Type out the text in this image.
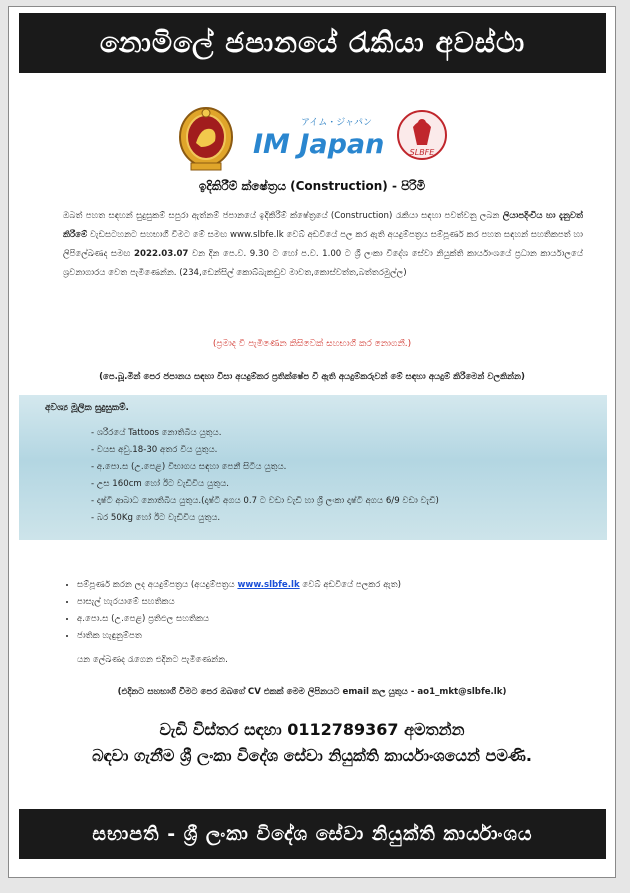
නොමිලේ ජපානයේ රැකියා අවස්ථා
アイム・ジャパン
IM Japan	SLBFE
ඉදිකිරීම් ක්ෂේත්‍රය (Construction) - පිරිමි
ඔබත් පහත සඳහන් සුදුසුකම් සපුරා ඇත්නම් ජපානයේ ඉදිකිරීම් ක්ෂේත්‍රයේ (Construction) රැකියා සඳහා පවත්වනු ලබන ලියාපදිංචිය හා දැනුවත් කිරීමේ වැඩසටහනට සහභාගී වීමට මේ සමඟ www.slbfe.lk වෙබ් අඩවියේ පල කර ඇති අයදුම්පත්‍රය සම්පූර්ණ කර පහත සඳහන් සහතිකපත් හා ලිපිලේඛණද සමඟ 2022.03.07 වන දින පෙ.ව. 9.30 ට හෝ ප.ව. 1.00 ට ශ්‍රී ලංකා විදේශ සේවා නියුක්ති කාර්යාංශයේ ප්‍රධාන කාර්යාලයේ ශ්‍රවනාගාරය වෙත පැමිණෙන්න. (234,ඩෙන්සිල් කොබ්බැකඩුව මාවත,කොස්වත්ත,බත්තරමුල්ල)
(ප්‍රමාද වී පැමිණෙන කිසිවෙක් සහභාගී කර නොගනී.)
(පෙ.බූ.මින් පෙර ජපානය සඳහා වීසා අයදුම්කර ප්‍රතික්ෂේප වී ඇති අයදුම්කරුවන් මේ සඳහා අයදුම් කිරීමෙන් වලකින්න)
අවශ්‍ය මූලික සුදුසුකම්.
- ශරීරයේ Tattoos නොතිබිය යුතුය.
- වයස අවු.18-30 අතර විය යුතුය.
- අ.පො.ස (උ.පෙළ) විභාගය සඳහා පෙනී සිටිය යුතුය.
- උස 160cm හෝ ඊට වැඩිවිය යුතුය.
- දෘෂ්ටි ආබාධ නොතිබිය යුතුය.(දෘෂ්ටි අගය 0.7 ට වඩා වැඩි හා ශ්‍රී ලංකා දෘෂ්ටි අගය 6/9 වඩා වැඩි)
- බර 50Kg හෝ ඊට වැඩිවිය යුතුය.
• සම්පූර්ණ කරන ලද අයදුම්පත්‍රය (අයදුම්පත්‍රය www.slbfe.lk වෙබ් අඩවියේ පලකර ඇත)
• පාසැල් හැරයාමේ සහතිකය
• අ.පො.ස (උ.පෙළ) ප්‍රතිඵල සහතිකය
• ජාතික හැඳුනුම්පත
යන ලේඛණද රැගෙන එදිනට පැමිණෙන්න.
(එදිනට සහභාගී වීමට පෙර ඔබගේ CV එකක් මෙම ලිපිනයට email කල යුතුය - ao1_mkt@slbfe.lk)
වැඩි විස්තර සඳහා 0112789367 අමතන්න
බඳවා ගැනීම ශ්‍රී ලංකා විදේශ සේවා නියුක්ති කාර්යාංශයෙන් පමණි.
සභාපති - ශ්‍රී ලංකා විදේශ සේවා නියුක්ති කාර්යාංශය
